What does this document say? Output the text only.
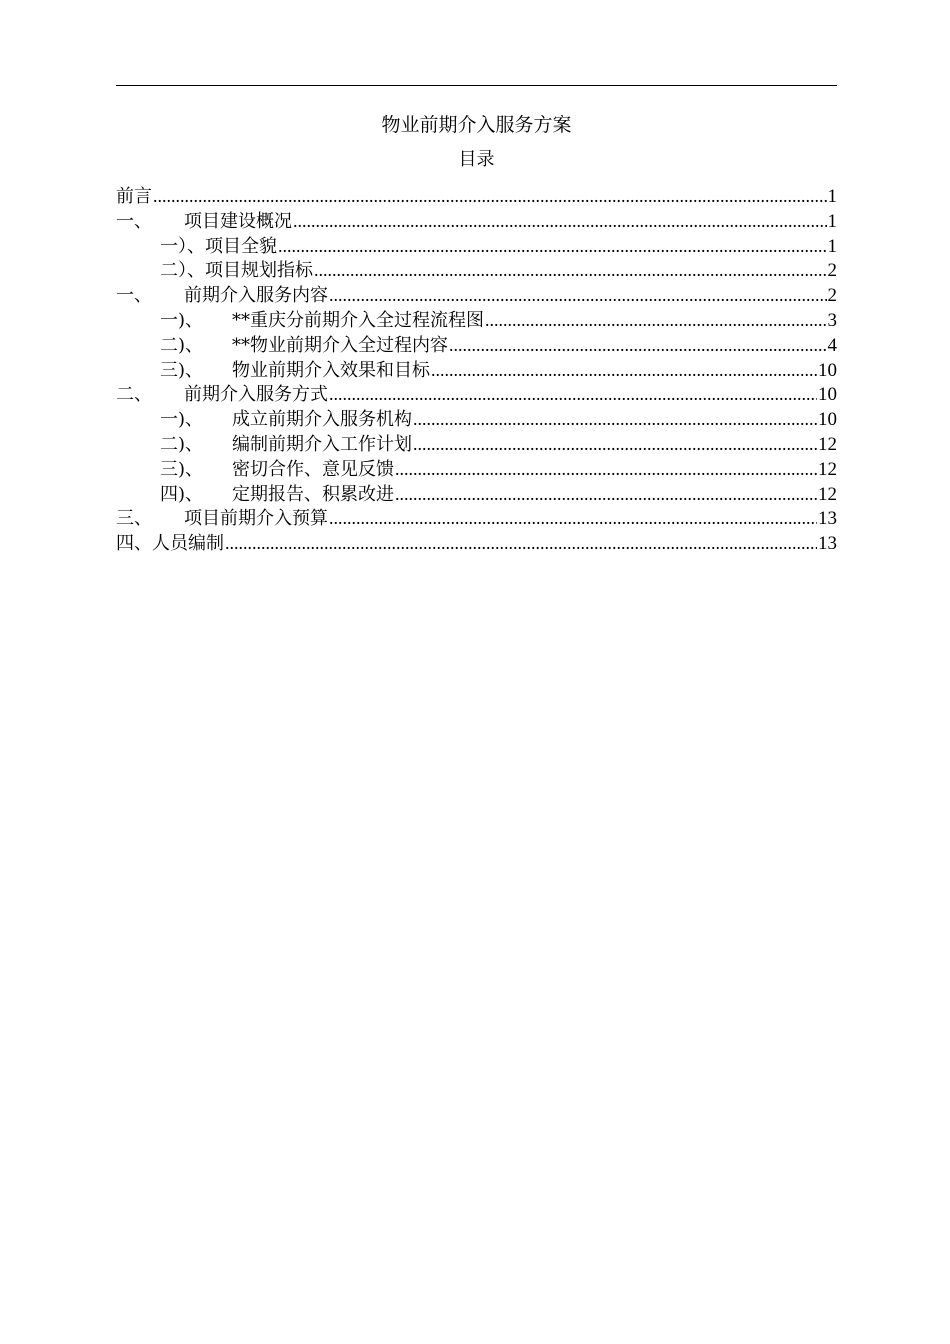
物业前期介入服务方案
目录
前言 .....	1
一、	项目建设概况 .....	1
一）、 项目全貌 .....	1
二）、 项目规划指标 .....	2
一、	前期介入服务内容 .....	2
一)、	**重庆分前期介入全过程流程图 .....	3
二)、	**物业前期介入全过程内容 .....	4
三)、	物业前期介入效果和目标 .....	10
二、	前期介入服务方式 .....	10
一)、	成立前期介入服务机构 .....	10
二)、	编制前期介入工作计划 .....	12
三)、	密切合作、意见反馈 .....	12
四)、	定期报告、积累改进 .....	12
三、	项目前期介入预算 .....	13
四、人员编制 .....	13
